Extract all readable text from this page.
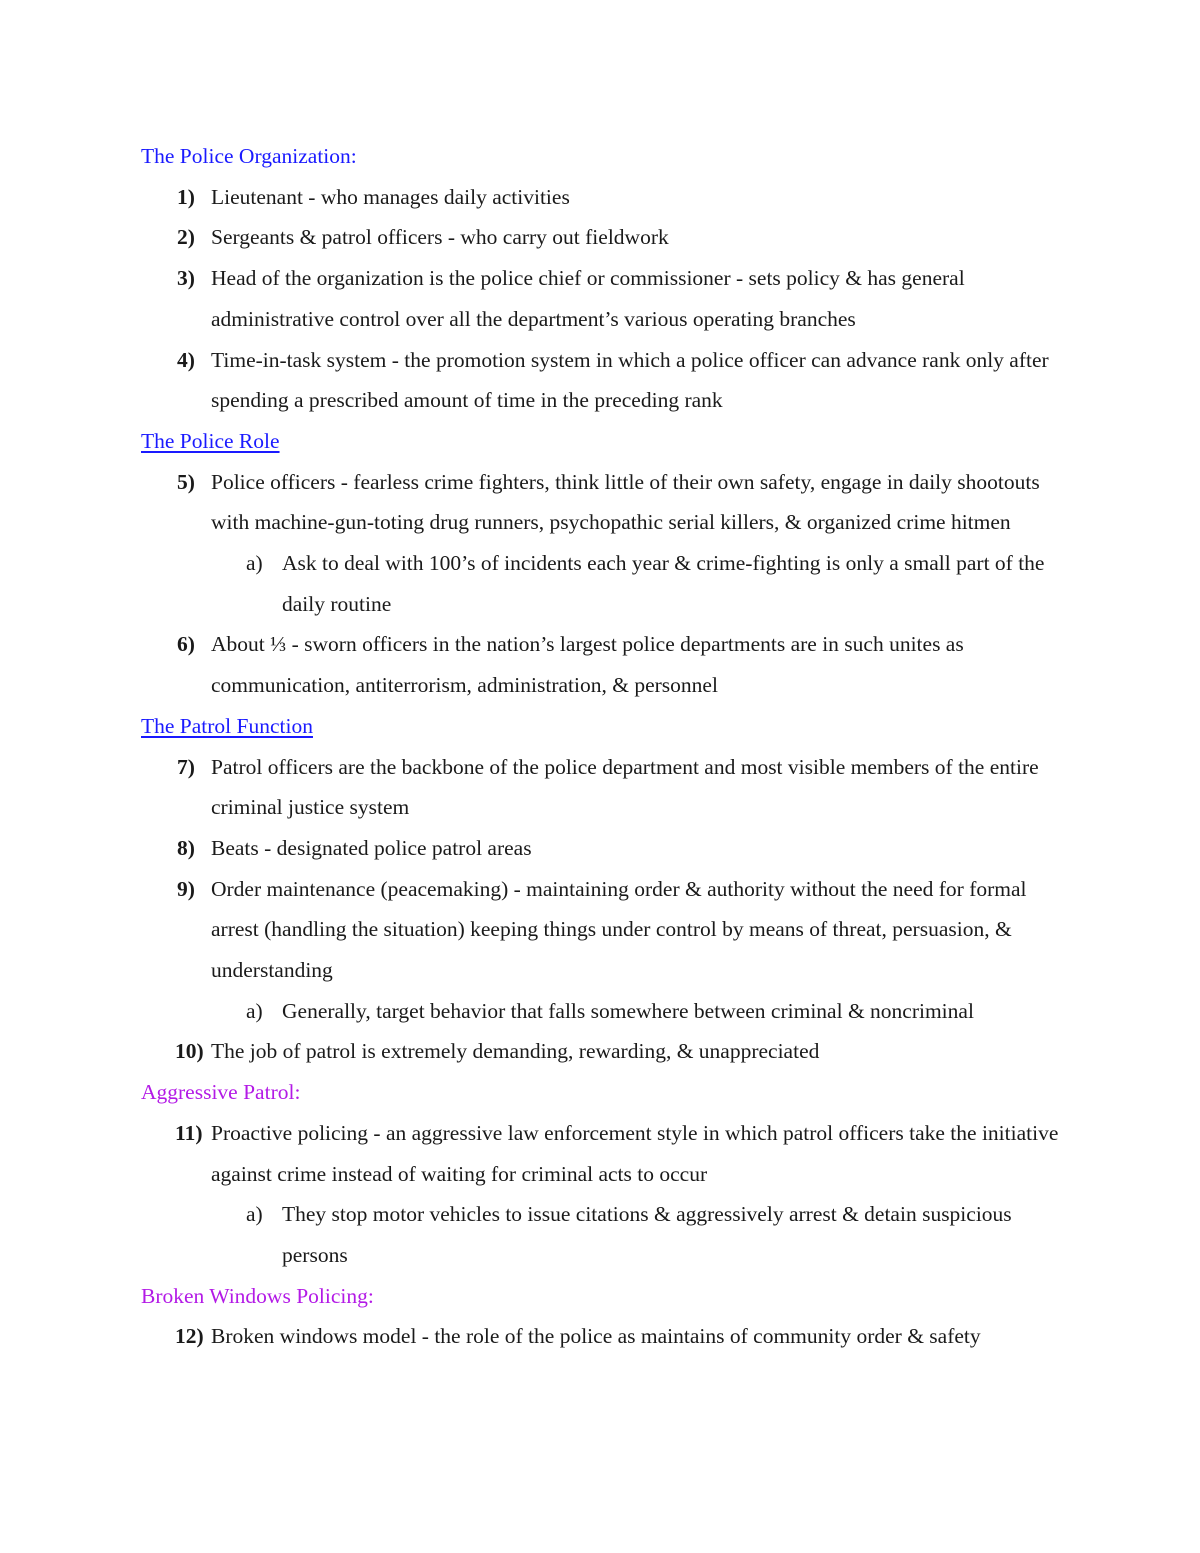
The Police Organization:
1) Lieutenant - who manages daily activities
2) Sergeants & patrol officers - who carry out fieldwork
3) Head of the organization is the police chief or commissioner - sets policy & has general administrative control over all the department’s various operating branches
4) Time-in-task system - the promotion system in which a police officer can advance rank only after spending a prescribed amount of time in the preceding rank
The Police Role
5) Police officers - fearless crime fighters, think little of their own safety, engage in daily shootouts with machine-gun-toting drug runners, psychopathic serial killers, & organized crime hitmen
a) Ask to deal with 100’s of incidents each year & crime-fighting is only a small part of the daily routine
6) About ⅓ - sworn officers in the nation’s largest police departments are in such unites as communication, antiterrorism, administration, & personnel
The Patrol Function
7) Patrol officers are the backbone of the police department and most visible members of the entire criminal justice system
8) Beats - designated police patrol areas
9) Order maintenance (peacemaking) - maintaining order & authority without the need for formal arrest (handling the situation) keeping things under control by means of threat, persuasion, & understanding
a) Generally, target behavior that falls somewhere between criminal & noncriminal
10) The job of patrol is extremely demanding, rewarding, & unappreciated
Aggressive Patrol:
11) Proactive policing - an aggressive law enforcement style in which patrol officers take the initiative against crime instead of waiting for criminal acts to occur
a) They stop motor vehicles to issue citations & aggressively arrest & detain suspicious persons
Broken Windows Policing:
12) Broken windows model - the role of the police as maintains of community order & safety
